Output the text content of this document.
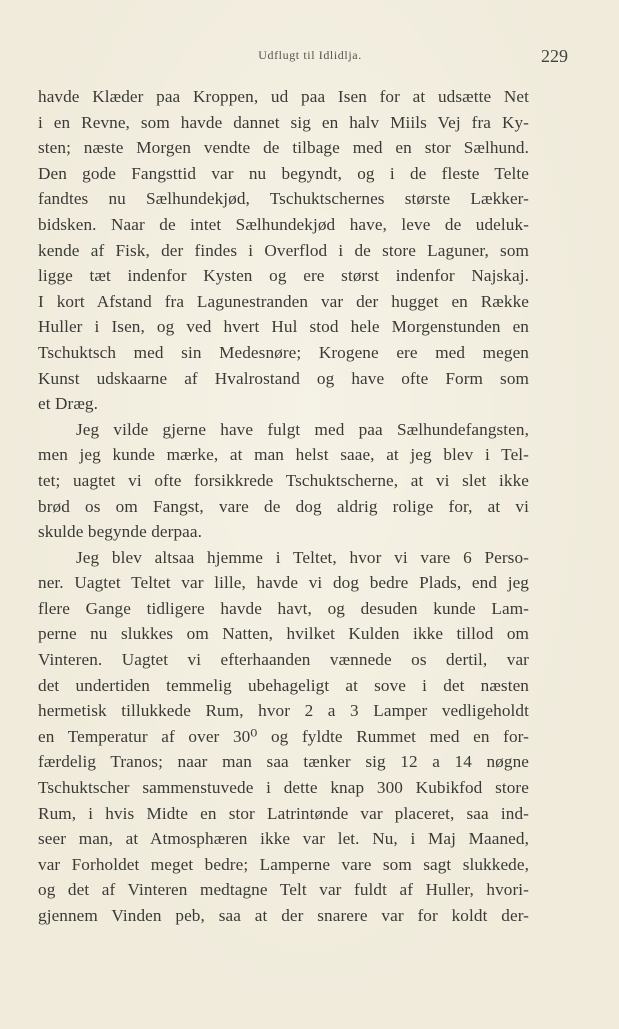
Udflugt til Idlidlja.	229
havde Klæder paa Kroppen, ud paa Isen for at udsætte Net
i en Revne, som havde dannet sig en halv Miils Vej fra Ky-
sten; næste Morgen vendte de tilbage med en stor Sælhund.
Den gode Fangsttid var nu begyndt, og i de fleste Telte
fandtes nu Sælhundekjød, Tschuktschernes største Lækker-
bidsken. Naar de intet Sælhundekjød have, leve de udeluk-
kende af Fisk, der findes i Overflod i de store Laguner, som
ligge tæt indenfor Kysten og ere størst indenfor Najskaj.
I kort Afstand fra Lagunestranden var der hugget en Række
Huller i Isen, og ved hvert Hul stod hele Morgenstunden en
Tschuktsch med sin Medesnøre; Krogene ere med megen
Kunst udskaarne af Hvalrostand og have ofte Form som
et Dræg.
Jeg vilde gjerne have fulgt med paa Sælhundefangsten,
men jeg kunde mærke, at man helst saae, at jeg blev i Tel-
tet; uagtet vi ofte forsikkrede Tschuktscherne, at vi slet ikke
brød os om Fangst, vare de dog aldrig rolige for, at vi
skulde begynde derpaa.
Jeg blev altsaa hjemme i Teltet, hvor vi vare 6 Perso-
ner. Uagtet Teltet var lille, havde vi dog bedre Plads, end jeg
flere Gange tidligere havde havt, og desuden kunde Lam-
perne nu slukkes om Natten, hvilket Kulden ikke tillod om
Vinteren. Uagtet vi efterhaanden vænnede os dertil, var
det undertiden temmelig ubehageligt at sove i det næsten
hermetisk tillukkede Rum, hvor 2 a 3 Lamper vedligeholdt
en Temperatur af over 30⁰ og fyldte Rummet med en for-
færdelig Tranos; naar man saa tænker sig 12 a 14 nøgne
Tschuktscher sammenstuvede i dette knap 300 Kubikfod store
Rum, i hvis Midte en stor Latrintønde var placeret, saa ind-
seer man, at Atmosphæren ikke var let. Nu, i Maj Maaned,
var Forholdet meget bedre; Lamperne vare som sagt slukkede,
og det af Vinteren medtagne Telt var fuldt af Huller, hvori-
gjennem Vinden peb, saa at der snarere var for koldt der-
